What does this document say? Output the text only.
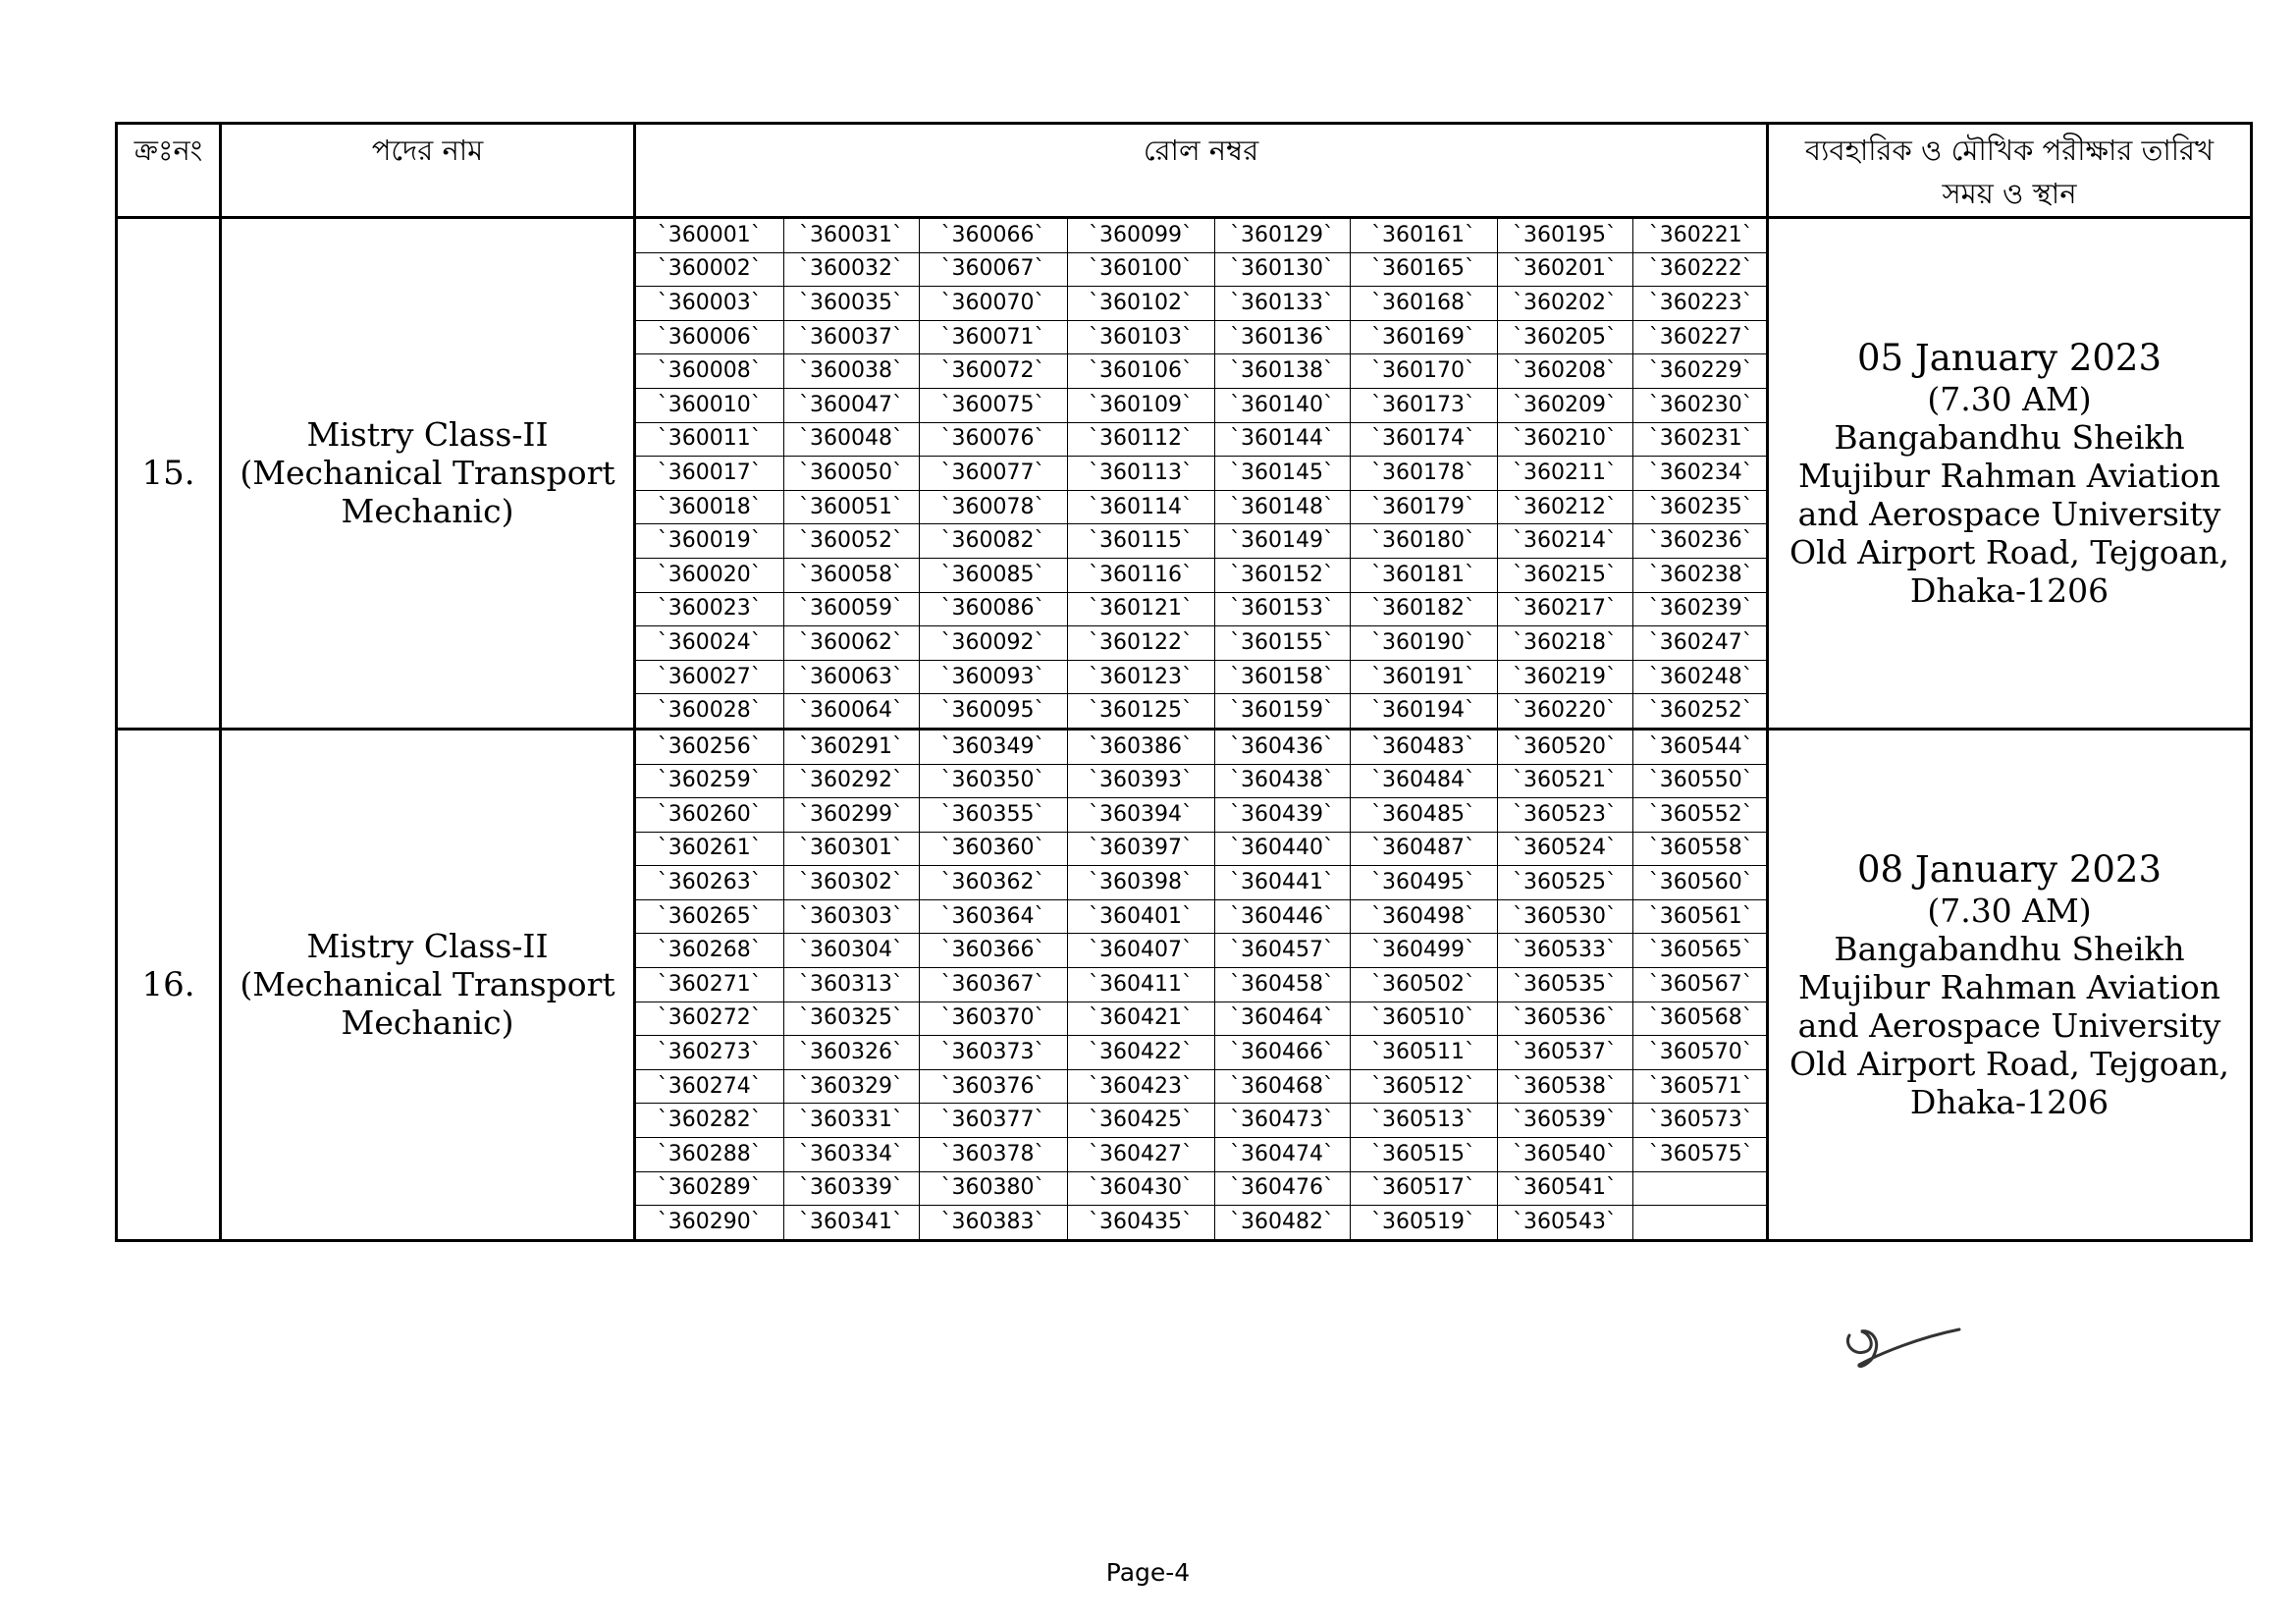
ক্রঃনং	পদের নাম	রোল নম্বর	ব্যবহারিক ও মৌখিক পরীক্ষার তারিখ
সময় ও স্থান

15.	
Mistry Class-II
(Mechanical Transport
Mechanic)

`360001`	`360031`	`360066`	`360099`	`360129`	`360161`	`360195`	`360221`
`360002`	`360032`	`360067`	`360100`	`360130`	`360165`	`360201`	`360222`
`360003`	`360035`	`360070`	`360102`	`360133`	`360168`	`360202`	`360223`
`360006`	`360037`	`360071`	`360103`	`360136`	`360169`	`360205`	`360227`
`360008`	`360038`	`360072`	`360106`	`360138`	`360170`	`360208`	`360229`
`360010`	`360047`	`360075`	`360109`	`360140`	`360173`	`360209`	`360230`
`360011`	`360048`	`360076`	`360112`	`360144`	`360174`	`360210`	`360231`
`360017`	`360050`	`360077`	`360113`	`360145`	`360178`	`360211`	`360234`
`360018`	`360051`	`360078`	`360114`	`360148`	`360179`	`360212`	`360235`
`360019`	`360052`	`360082`	`360115`	`360149`	`360180`	`360214`	`360236`
`360020`	`360058`	`360085`	`360116`	`360152`	`360181`	`360215`	`360238`
`360023`	`360059`	`360086`	`360121`	`360153`	`360182`	`360217`	`360239`
`360024`	`360062`	`360092`	`360122`	`360155`	`360190`	`360218`	`360247`
`360027`	`360063`	`360093`	`360123`	`360158`	`360191`	`360219`	`360248`
`360028`	`360064`	`360095`	`360125`	`360159`	`360194`	`360220`	`360252`

05 January 2023
(7.30 AM)
Bangabandhu Sheikh
Mujibur Rahman Aviation
and Aerospace University
Old Airport Road, Tejgoan,
Dhaka-1206

16.	
Mistry Class-II
(Mechanical Transport
Mechanic)

`360256`	`360291`	`360349`	`360386`	`360436`	`360483`	`360520`	`360544`
`360259`	`360292`	`360350`	`360393`	`360438`	`360484`	`360521`	`360550`
`360260`	`360299`	`360355`	`360394`	`360439`	`360485`	`360523`	`360552`
`360261`	`360301`	`360360`	`360397`	`360440`	`360487`	`360524`	`360558`
`360263`	`360302`	`360362`	`360398`	`360441`	`360495`	`360525`	`360560`
`360265`	`360303`	`360364`	`360401`	`360446`	`360498`	`360530`	`360561`
`360268`	`360304`	`360366`	`360407`	`360457`	`360499`	`360533`	`360565`
`360271`	`360313`	`360367`	`360411`	`360458`	`360502`	`360535`	`360567`
`360272`	`360325`	`360370`	`360421`	`360464`	`360510`	`360536`	`360568`
`360273`	`360326`	`360373`	`360422`	`360466`	`360511`	`360537`	`360570`
`360274`	`360329`	`360376`	`360423`	`360468`	`360512`	`360538`	`360571`
`360282`	`360331`	`360377`	`360425`	`360473`	`360513`	`360539`	`360573`
`360288`	`360334`	`360378`	`360427`	`360474`	`360515`	`360540`	`360575`
`360289`	`360339`	`360380`	`360430`	`360476`	`360517`	`360541`	
`360290`	`360341`	`360383`	`360435`	`360482`	`360519`	`360543`	

08 January 2023
(7.30 AM)
Bangabandhu Sheikh
Mujibur Rahman Aviation
and Aerospace University
Old Airport Road, Tejgoan,
Dhaka-1206
Page-4
